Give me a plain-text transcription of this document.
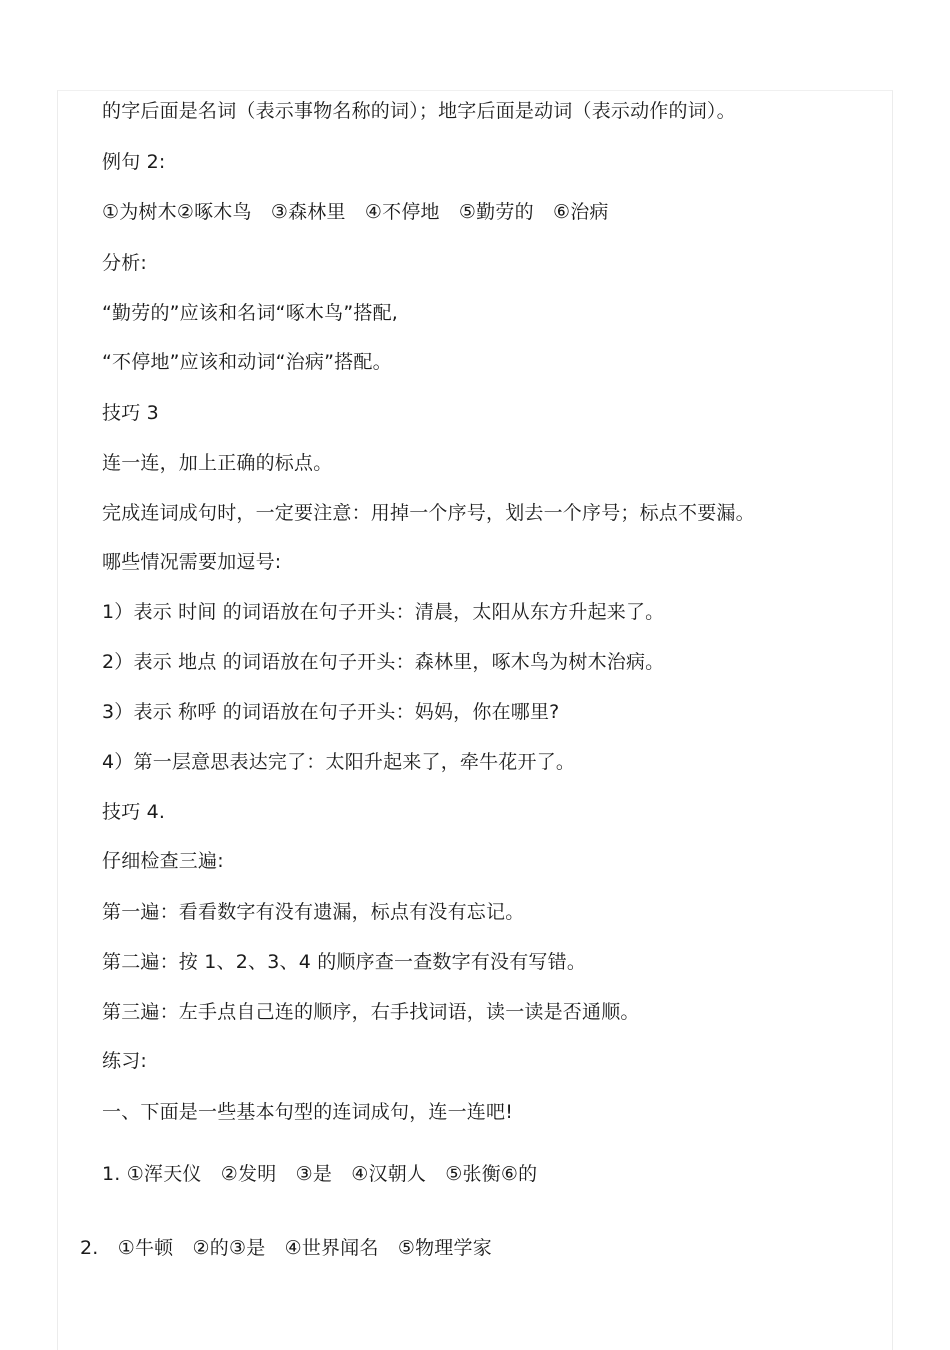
的字后面是名词（表示事物名称的词）；地字后面是动词（表示动作的词）。
例句 2:
①为树木②啄木鸟　③森林里　④不停地　⑤勤劳的　⑥治病
分析:
“勤劳的”应该和名词“啄木鸟”搭配,
“不停地”应该和动词“治病”搭配。
技巧 3
连一连，加上正确的标点。
完成连词成句时，一定要注意：用掉一个序号，划去一个序号；标点不要漏。
哪些情况需要加逗号:
1）表示 时间 的词语放在句子开头：清晨，太阳从东方升起来了。
2）表示 地点 的词语放在句子开头：森林里，啄木鸟为树木治病。
3）表示 称呼 的词语放在句子开头：妈妈，你在哪里?
4）第一层意思表达完了：太阳升起来了，牵牛花开了。
技巧 4.
仔细检查三遍:
第一遍：看看数字有没有遗漏，标点有没有忘记。
第二遍：按 1、2、3、4 的顺序查一查数字有没有写错。
第三遍：左手点自己连的顺序，右手找词语，读一读是否通顺。
练习:
一、下面是一些基本句型的连词成句，连一连吧!
1. ①浑天仪　②发明　③是　④汉朝人　⑤张衡⑥的
2.　①牛顿　②的③是　④世界闻名　⑤物理学家
